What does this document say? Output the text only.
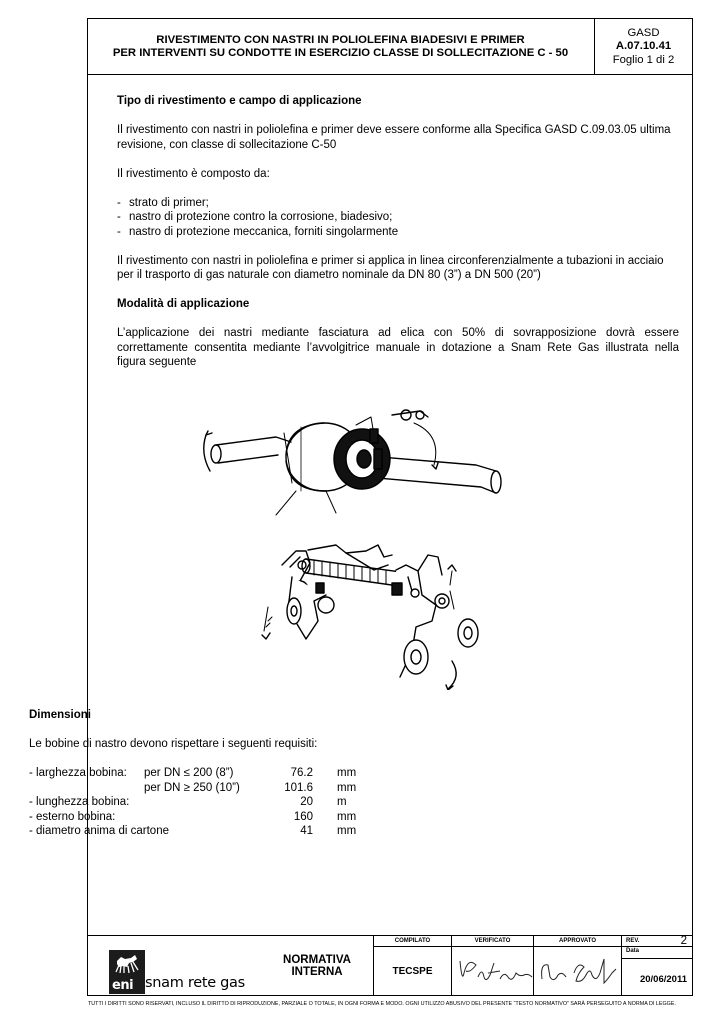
RIVESTIMENTO CON NASTRI IN POLIOLEFINA BIADESIVI E PRIMER
PER INTERVENTI SU CONDOTTE IN ESERCIZIO CLASSE DI SOLLECITAZIONE C - 50
GASD
A.07.10.41
Foglio 1 di 2

Tipo di rivestimento e campo di applicazione

Il rivestimento con nastri in poliolefina e primer deve essere conforme alla Specifica GASD C.09.03.05 ultima

revisione, con classe di sollecitazione C-50

Il rivestimento è composto da:

- strato di primer;
- nastro di protezione contro la corrosione, biadesivo;
- nastro di protezione meccanica, forniti singolarmente

Il rivestimento con nastri in poliolefina e primer si applica in linea circonferenzialmente a tubazioni in acciaio

per il trasporto di gas naturale con diametro nominale da DN 80 (3”) a DN 500 (20”)

Modalità di applicazione

L’applicazione dei nastri mediante fasciatura ad elica con 50% di sovrapposizione dovrà essere

correttamente consentita mediante l’avvolgitrice manuale in dotazione a Snam Rete Gas illustrata nella

figura seguente

Dimensioni
Le bobine di nastro devono rispettare i seguenti requisiti:
- larghezza bobina: per DN ≤ 200 (8”)	76.2 mm
per DN ≥ 250 (10”)	101.6 mm
- lunghezza bobina:	20 m
- esterno bobina:	160 mm
- diametro anima di cartone	41 mm
eni snam rete gas
NORMATIVA
INTERNA
COMPILATO
TECSPE
VERIFICATO	APPROVATO	REV.	2
Data
20/06/2011
TUTTI I DIRITTI SONO RISERVATI, INCLUSO IL DIRITTO DI RIPRODUZIONE, PARZIALE O TOTALE, IN OGNI FORMA E MODO. OGNI UTILIZZO ABUSIVO DEL PRESENTE “TESTO NORMATIVO” SARÀ PERSEGUITO A NORMA DI LEGGE.
